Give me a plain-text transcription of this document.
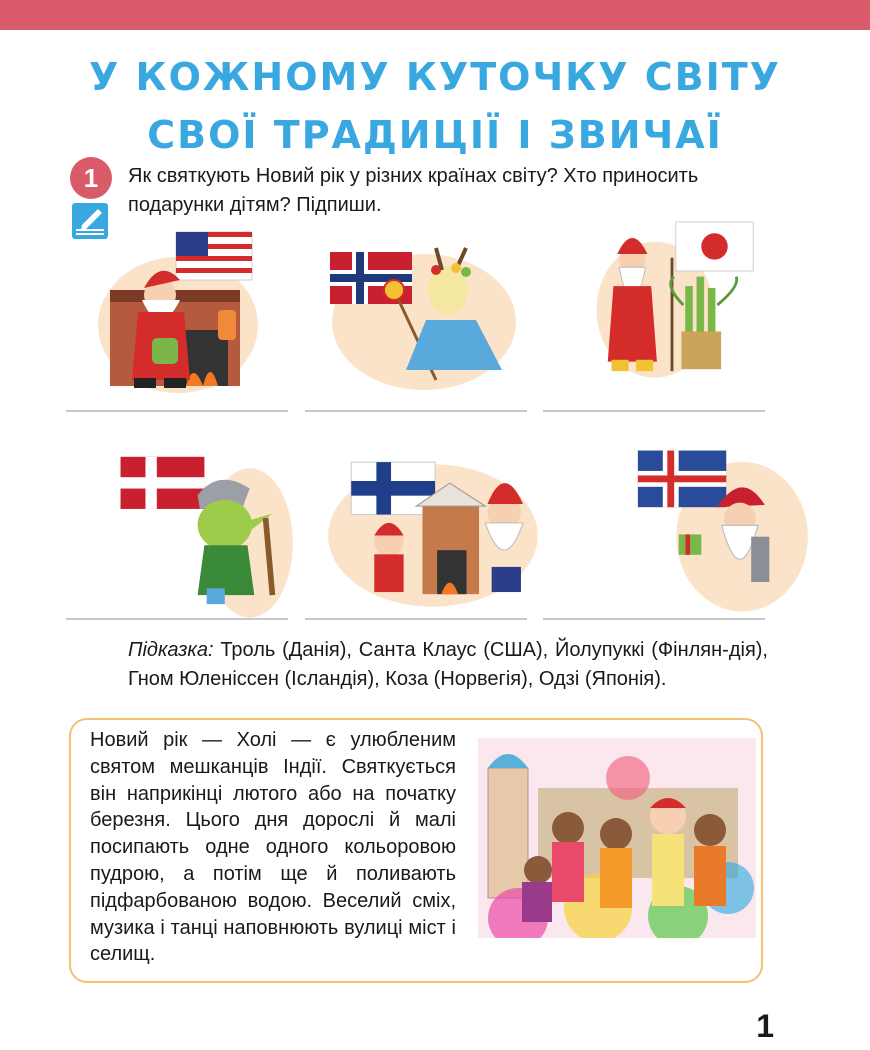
У КОЖНОМУ КУТОЧКУ СВІТУ
СВОЇ ТРАДИЦІЇ І ЗВИЧАЇ
1	Як святкують Новий рік у різних країнах світу? Хто приносить подарунки дітям? Підпиши.
Підказка: Троль (Данія), Санта Клаус (США), Йолупуккі (Фінлян-дія), Гном Юленіссен (Ісландія), Коза (Норвегія), Одзі (Японія).
Новий рік — Холі — є улюбленим святом мешканців Індії. Святкується він наприкінці лютого або на початку березня. Цього дня дорослі й малі посипають одне одного кольоровою пудрою, а потім ще й поливають підфарбованою водою. Веселий сміх, музика і танці наповнюють вулиці міст і селищ.
1
